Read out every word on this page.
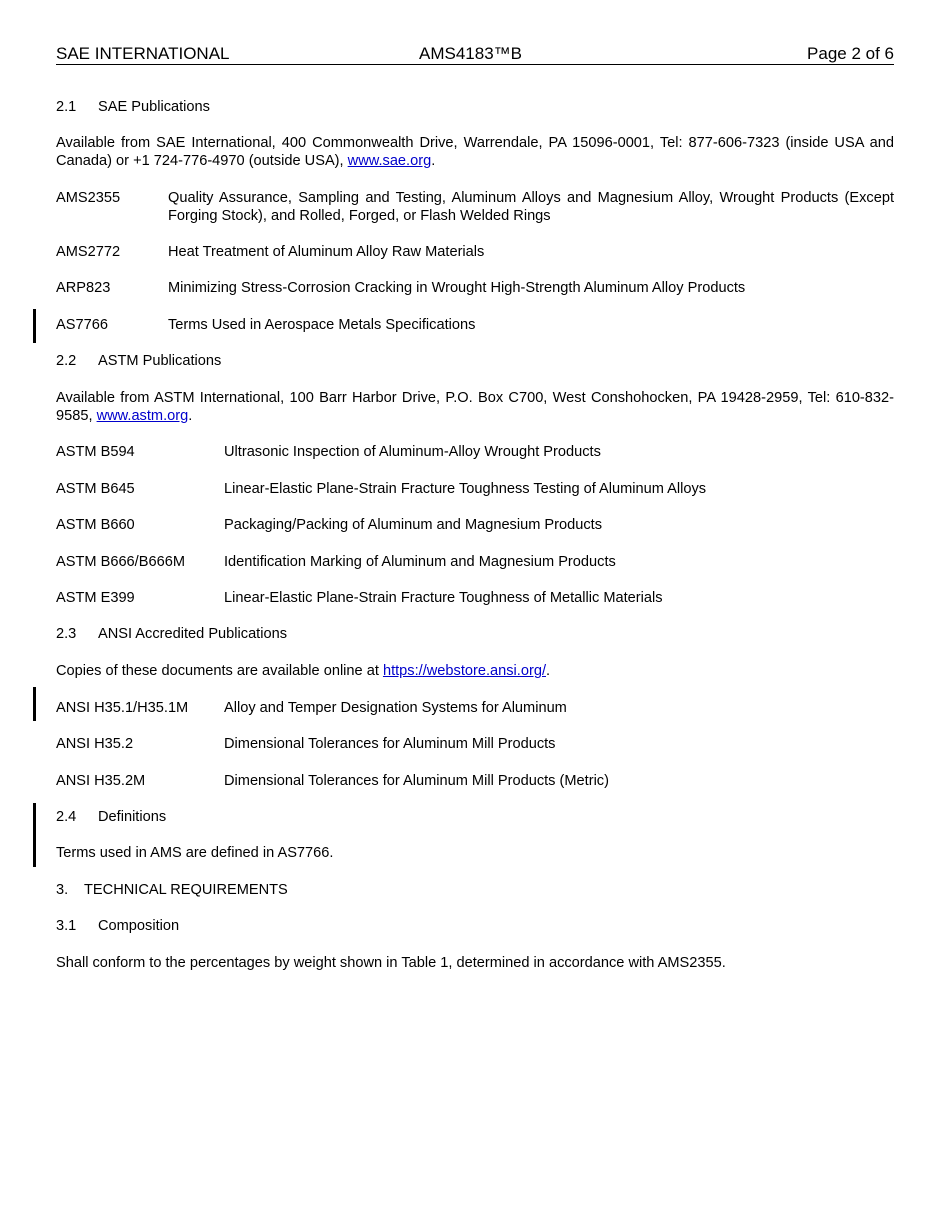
SAE INTERNATIONAL	AMS4183™B	Page 2 of 6
2.1 SAE Publications
Available from SAE International, 400 Commonwealth Drive, Warrendale, PA 15096-0001, Tel: 877-606-7323 (inside USA and Canada) or +1 724-776-4970 (outside USA), www.sae.org.
AMS2355	Quality Assurance, Sampling and Testing, Aluminum Alloys and Magnesium Alloy, Wrought Products (Except Forging Stock), and Rolled, Forged, or Flash Welded Rings
AMS2772	Heat Treatment of Aluminum Alloy Raw Materials
ARP823	Minimizing Stress-Corrosion Cracking in Wrought High-Strength Aluminum Alloy Products
AS7766	Terms Used in Aerospace Metals Specifications
2.2 ASTM Publications
Available from ASTM International, 100 Barr Harbor Drive, P.O. Box C700, West Conshohocken, PA 19428-2959, Tel: 610-832-9585, www.astm.org.
ASTM B594	Ultrasonic Inspection of Aluminum-Alloy Wrought Products
ASTM B645	Linear-Elastic Plane-Strain Fracture Toughness Testing of Aluminum Alloys
ASTM B660	Packaging/Packing of Aluminum and Magnesium Products
ASTM B666/B666M	Identification Marking of Aluminum and Magnesium Products
ASTM E399	Linear-Elastic Plane-Strain Fracture Toughness of Metallic Materials
2.3 ANSI Accredited Publications
Copies of these documents are available online at https://webstore.ansi.org/.
ANSI H35.1/H35.1M	Alloy and Temper Designation Systems for Aluminum
ANSI H35.2	Dimensional Tolerances for Aluminum Mill Products
ANSI H35.2M	Dimensional Tolerances for Aluminum Mill Products (Metric)
2.4 Definitions
Terms used in AMS are defined in AS7766.
3. TECHNICAL REQUIREMENTS
3.1 Composition
Shall conform to the percentages by weight shown in Table 1, determined in accordance with AMS2355.
